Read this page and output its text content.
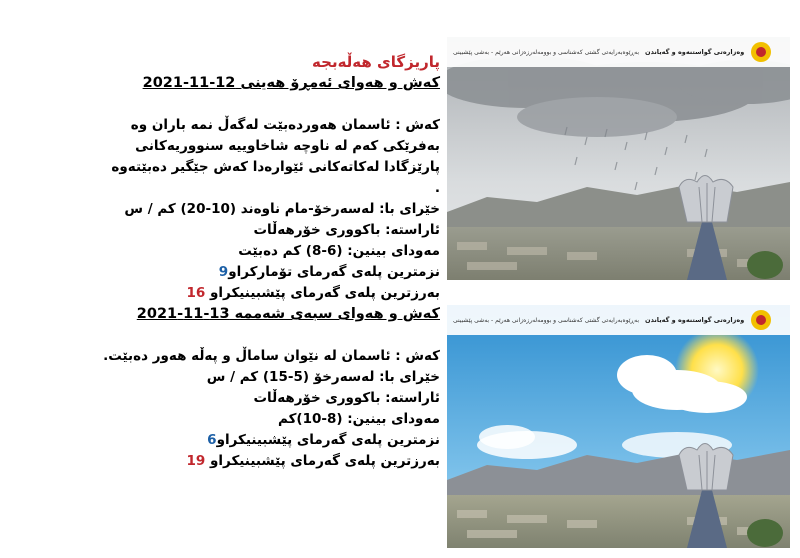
پاریزگای هەڵەبجە
کەش و هەوای ئەمڕۆ هەینی 12-11-2021
کەش : ئاسمان هەوردەبێت لەگەڵ نمە باران وە بەفرێکی کەم لە ناوچە شاخاوییە سنووریەکانی پارێزگادا لەکاتەکانی ئێوارەدا کەش جێگیر دەبێتەوە .
خێرای با: لەسەرخۆ-مام ناوەند (10-20) کم / س
ئاراستە: باکووری خۆرهەڵات
مەودای بینین: (6-8) کم دەبێت
نزمترین پلەی گەرمای تۆمارکراو9
بەرزترین پلەی گەرمای پێشبینیکراو 16
کەش و هەوای سبەی شەممە 13-11-2021
کەش : ئاسمان لە نێوان ساماڵ و پەڵە هەور دەبێت.
خێرای با: لەسەرخۆ (5-15) کم / س
ئاراستە: باکووری خۆرهەڵات
مەودای بینین: (8-10)کم
نزمترین پلەی گەرمای پێشبینیکراو6
بەرزترین پلەی گەرمای پێشبینیکراو 19
وەزارەتی گواستنەوە و گەیاندن
بەڕێوەبەرایەتی گشتی کەشناسی و بوومەلەرزەزانی هەرێم - بەشی پێشبینی
وەزارەتی گواستنەوە و گەیاندن
بەڕێوەبەرایەتی گشتی کەشناسی و بوومەلەرزەزانی هەرێم - بەشی پێشبینی
